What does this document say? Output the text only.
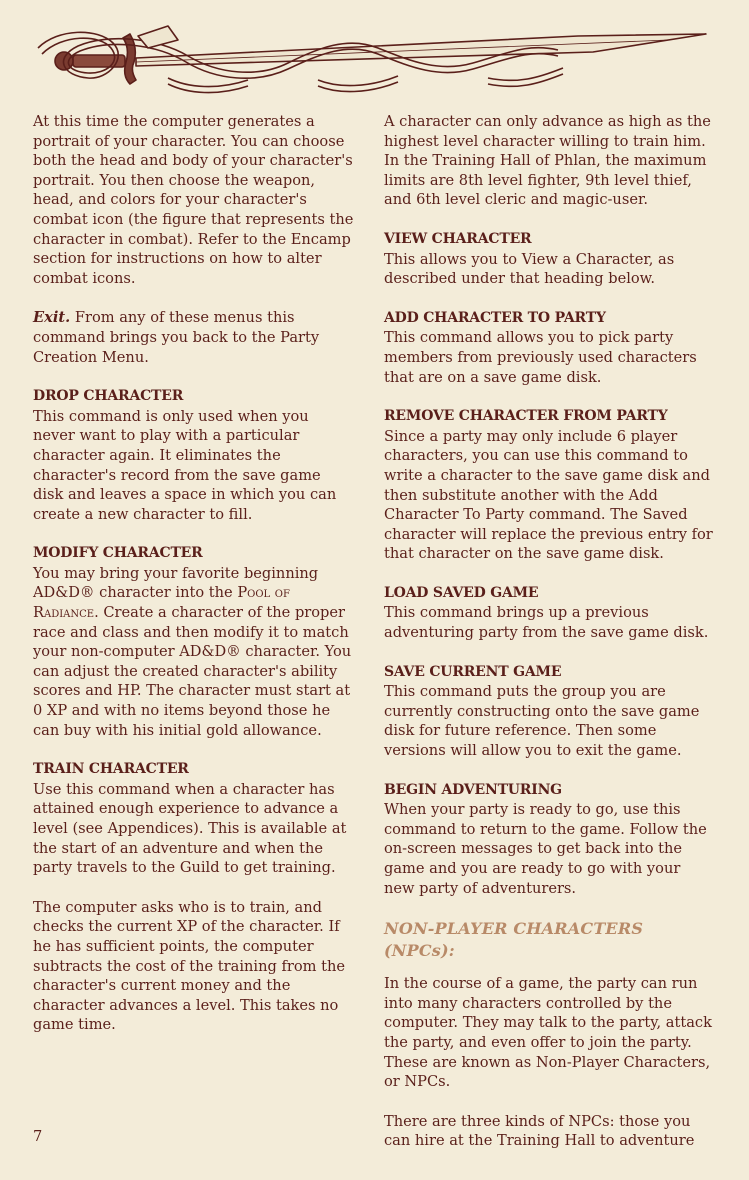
At this time the computer generates a portrait of your character. You can choose both the head and body of your character's portrait. You then choose the weapon, head, and colors for your character's combat icon (the figure that represents the character in combat). Refer to the Encamp section for instructions on how to alter combat icons.

Exit. From any of these menus this command brings you back to the Party Creation Menu.

DROP CHARACTER
This command is only used when you never want to play with a particular character again. It eliminates the character's record from the save game disk and leaves a space in which you can create a new character to fill.
MODIFY CHARACTER
You may bring your favorite beginning AD&D® character into the Pool of Radiance. Create a character of the proper race and class and then modify it to match your non-computer AD&D® character. You can adjust the created character's ability scores and HP. The character must start at 0 XP and with no items beyond those he can buy with his initial gold allowance.
TRAIN CHARACTER
Use this command when a character has attained enough experience to advance a level (see Appendices). This is available at the start of an adventure and when the party travels to the Guild to get training.

The computer asks who is to train, and checks the current XP of the character. If he has sufficient points, the computer subtracts the cost of the training from the character's current money and the character advances a level. This takes no game time.

A character can only advance as high as the highest level character willing to train him. In the Training Hall of Phlan, the maximum limits are 8th level fighter, 9th level thief, and 6th level cleric and magic-user.

VIEW CHARACTER
This allows you to View a Character, as described under that heading below.
ADD CHARACTER TO PARTY
This command allows you to pick party members from previously used characters that are on a save game disk.
REMOVE CHARACTER FROM PARTY
Since a party may only include 6 player characters, you can use this command to write a character to the save game disk and then substitute another with the Add Character To Party command. The Saved character will replace the previous entry for that character on the save game disk.
LOAD SAVED GAME
This command brings up a previous adventuring party from the save game disk.
SAVE CURRENT GAME
This command puts the group you are currently constructing onto the save game disk for future reference. Then some versions will allow you to exit the game.
BEGIN ADVENTURING
When your party is ready to go, use this command to return to the game. Follow the on-screen messages to get back into the game and you are ready to go with your new party of adventurers.
NON-PLAYER CHARACTERS (NPCs):

In the course of a game, the party can run into many characters controlled by the computer. They may talk to the party, attack the party, and even offer to join the party. These are known as Non-Player Characters, or NPCs.

There are three kinds of NPCs: those you can hire at the Training Hall to adventure

7
